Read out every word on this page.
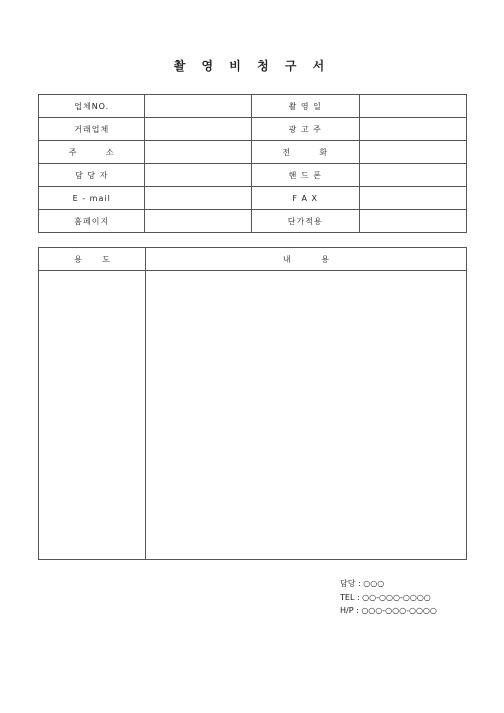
촬 영 비 청 구 서
업체NO.		촬 영 일	
거래업체		광 고 주	
주        소		전        화	
담 당 자		핸 드 폰	
E - mail		F A X	
홈페이지		단가적용	
용        도	내            용

담당 : ○○○
TEL : ○○-○○○-○○○○
H/P : ○○○-○○○-○○○○
